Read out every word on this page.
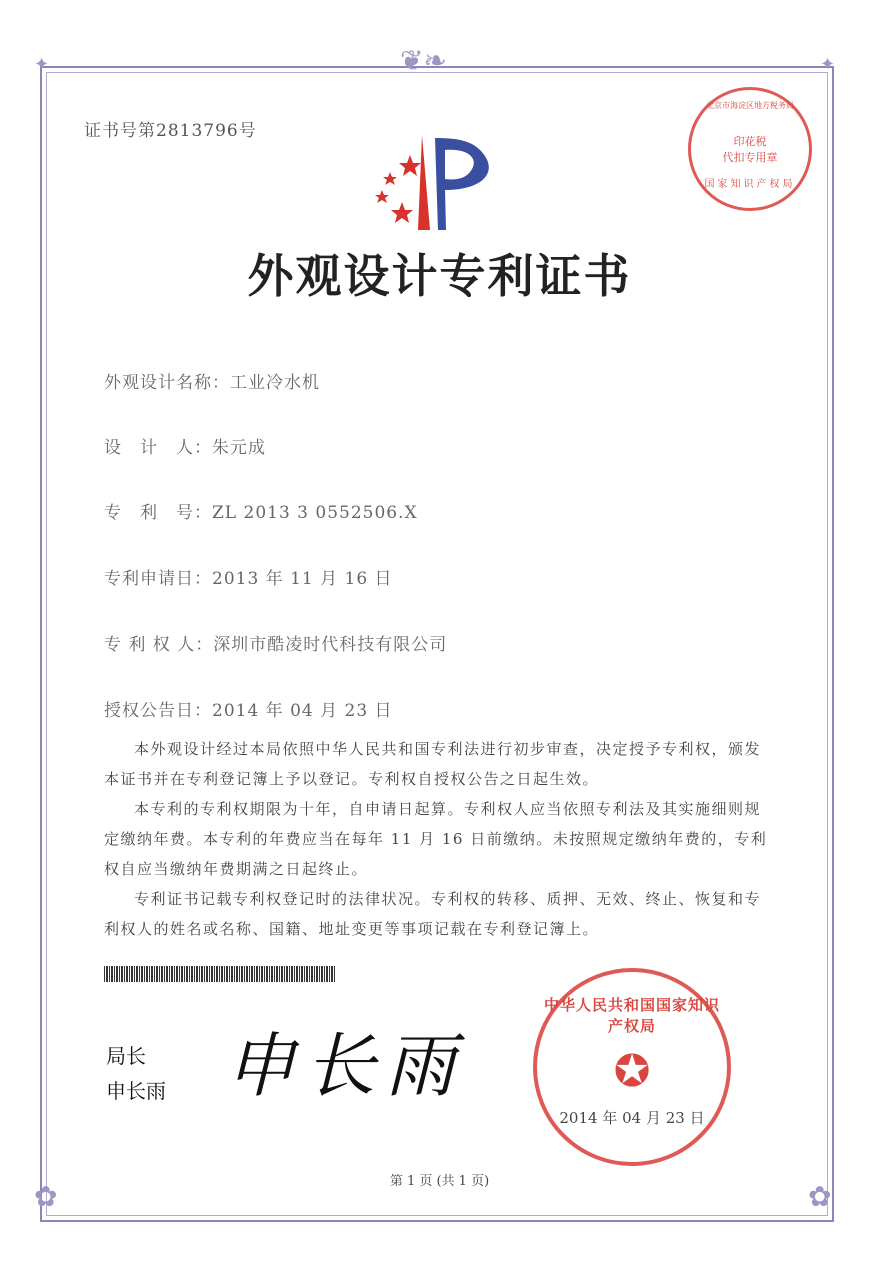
❦❧
✿	✿
✦	✦
证书号第2813796号
外观设计专利证书
外观设计名称：工业冷水机
设　计　人：朱元成
专　利　号：ZL 2013 3 0552506.X
专利申请日：2013 年 11 月 16 日
专 利 权 人：深圳市酷凌时代科技有限公司
授权公告日：2014 年 04 月 23 日

本外观设计经过本局依照中华人民共和国专利法进行初步审查，决定授予专利权，颁发本证书并在专利登记簿上予以登记。专利权自授权公告之日起生效。

本专利的专利权期限为十年，自申请日起算。专利权人应当依照专利法及其实施细则规定缴纳年费。本专利的年费应当在每年 11 月 16 日前缴纳。未按照规定缴纳年费的，专利权自应当缴纳年费期满之日起终止。

专利证书记载专利权登记时的法律状况。专利权的转移、质押、无效、终止、恢复和专利权人的姓名或名称、国籍、地址变更等事项记载在专利登记簿上。

局长
申长雨 申长雨
北京市海淀区地方税务局
印花税
代扣专用章
国家知识产权局
中华人民共和国国家知识产权局
✪
2014 年 04 月 23 日
第 1 页 (共 1 页)
